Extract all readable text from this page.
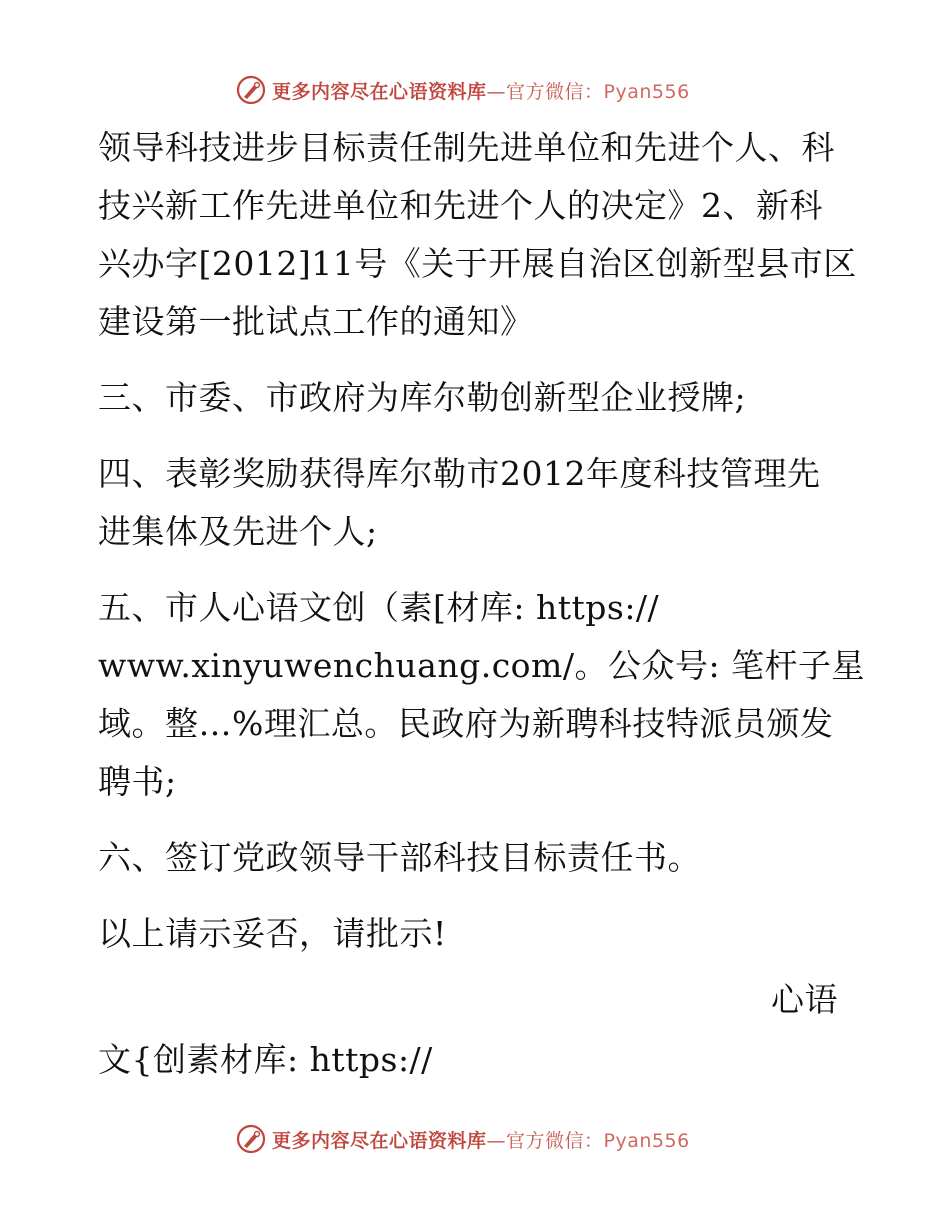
更多内容尽在心语资料库—官方微信：Pyan556
领导科技进步目标责任制先进单位和先进个人、科
技兴新工作先进单位和先进个人的决定》2、新科
兴办字[2012]11号《关于开展自治区创新型县市区
建设第一批试点工作的通知》
三、市委、市政府为库尔勒创新型企业授牌;
四、表彰奖励获得库尔勒市2012年度科技管理先
进集体及先进个人;
五、市人心语文创（素[材库: https://
www.xinyuwenchuang.com/。公众号: 笔杆子星
域。整…%理汇总。民政府为新聘科技特派员颁发
聘书;
六、签订党政领导干部科技目标责任书。
以上请示妥否，请批示!
心语
文{创素材库: https://
更多内容尽在心语资料库—官方微信：Pyan556
